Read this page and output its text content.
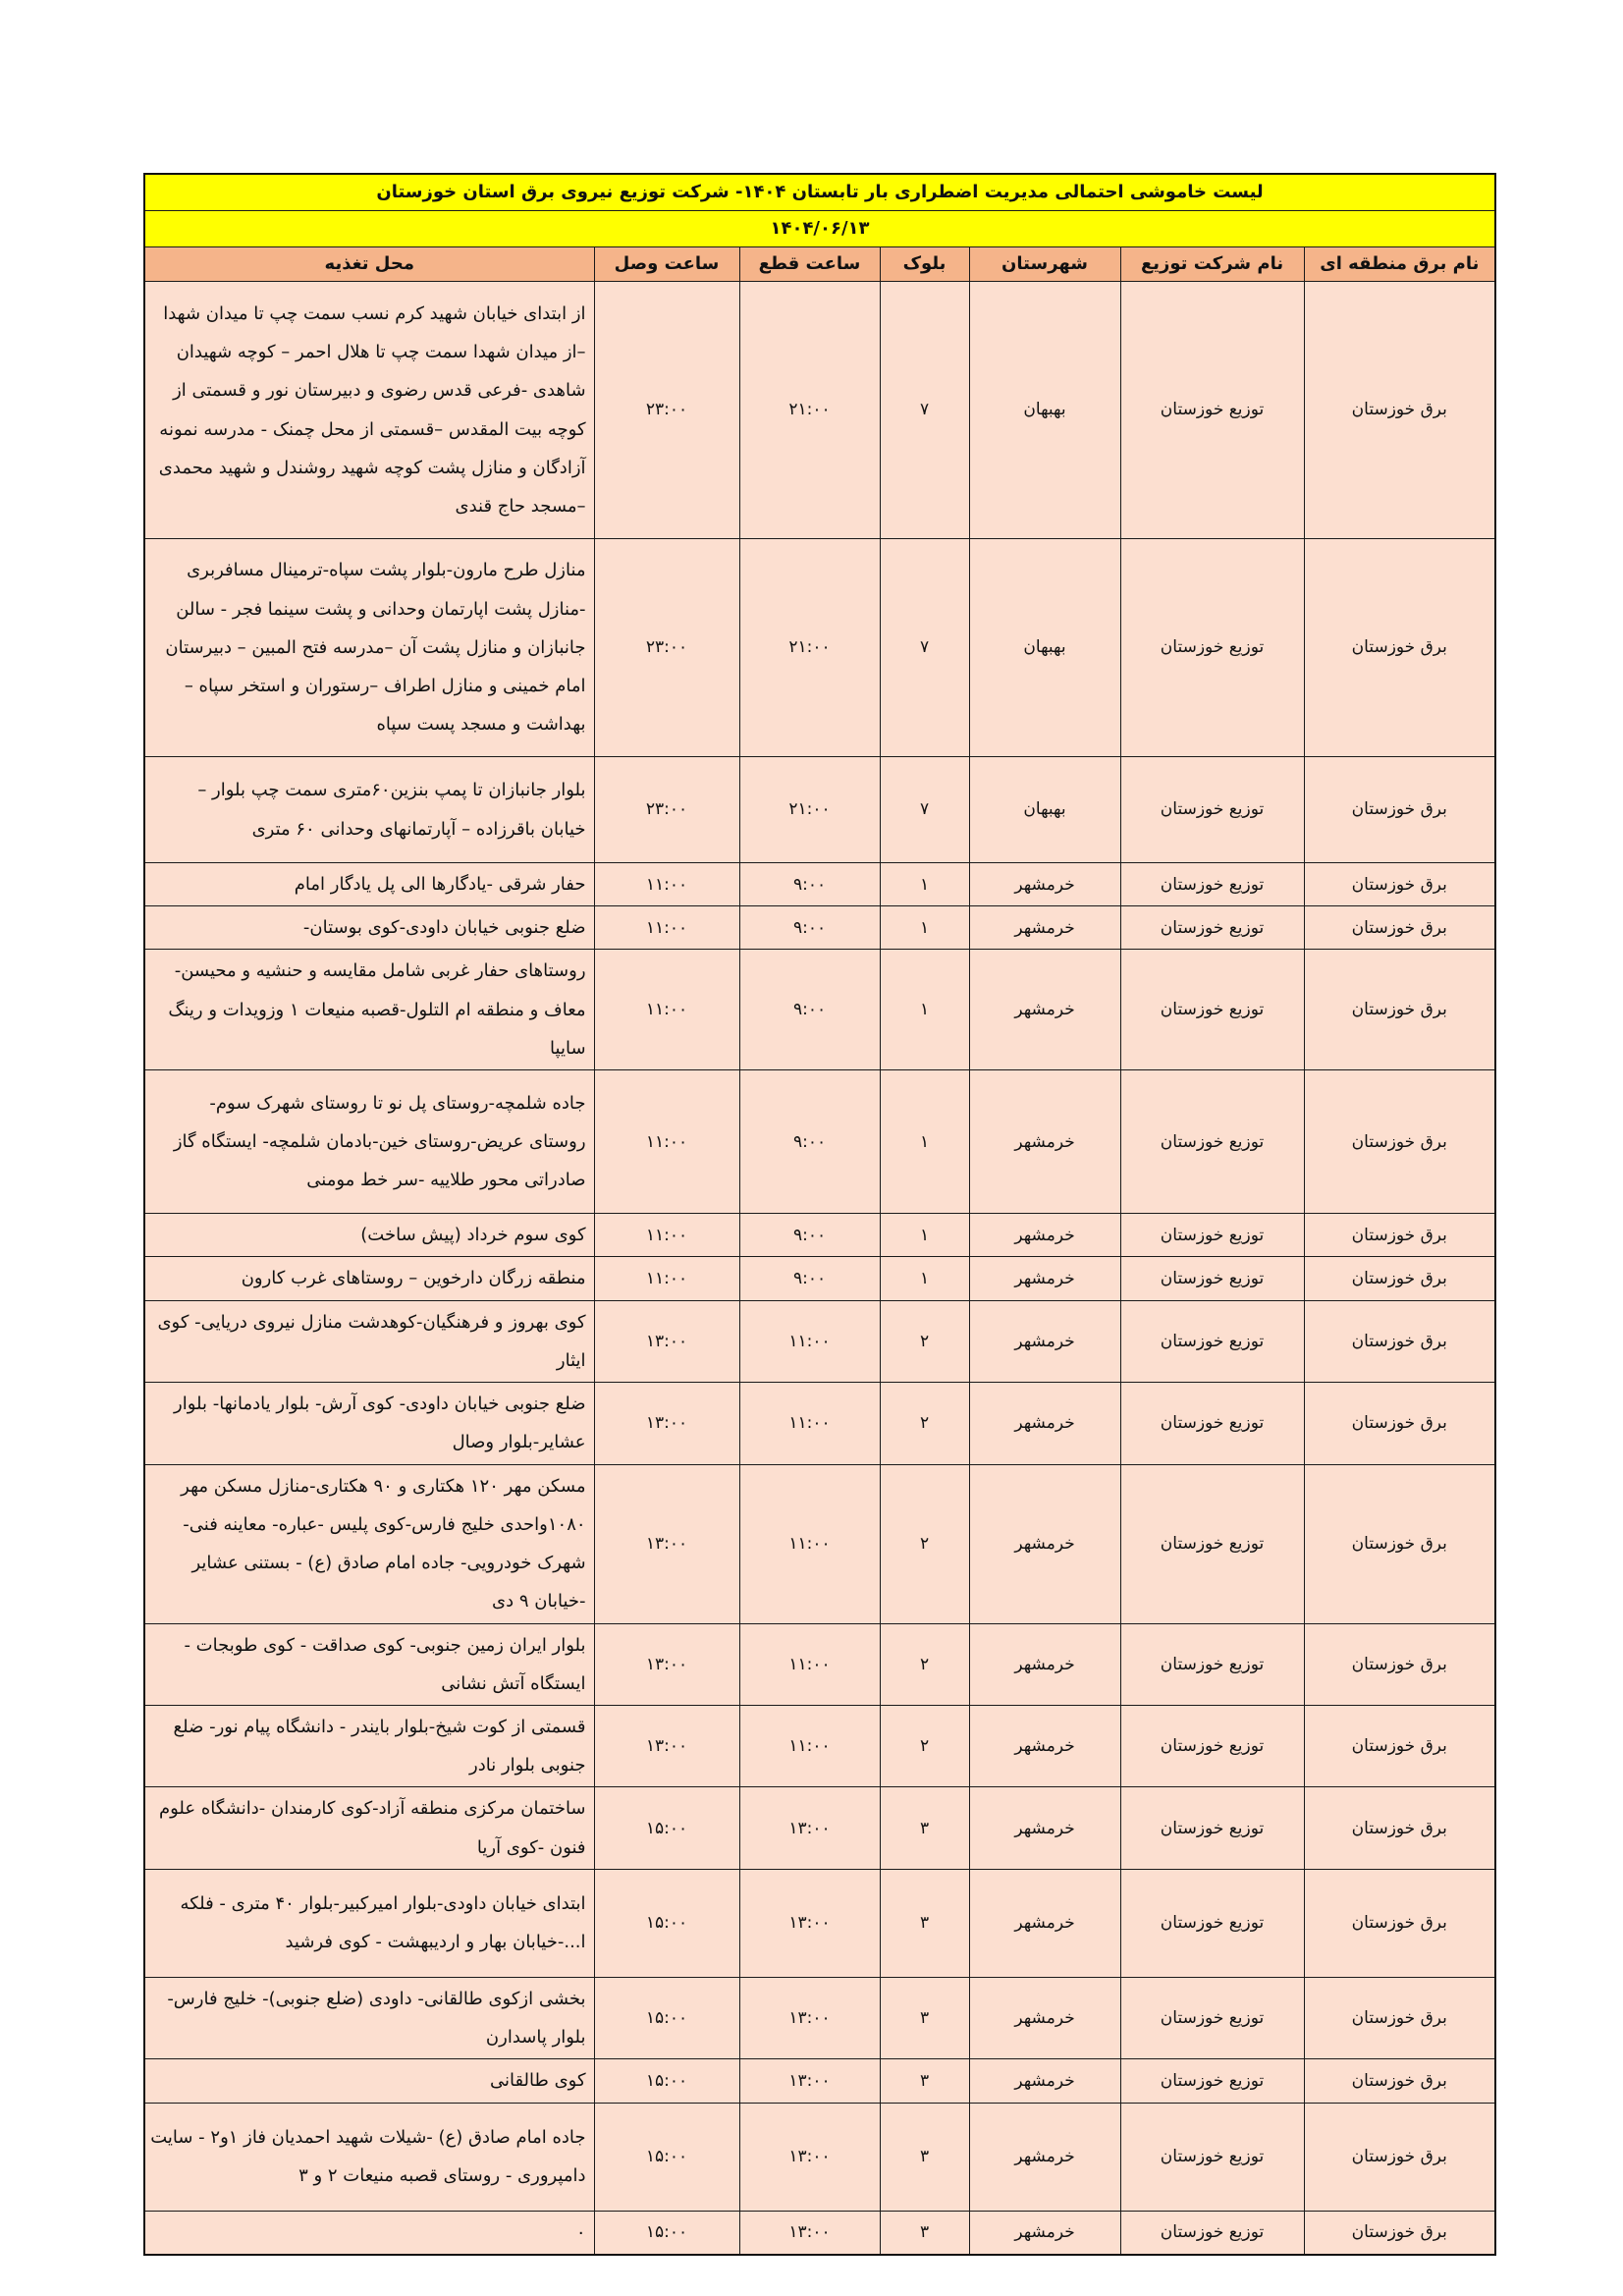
لیست خاموشی احتمالی مدیریت اضطراری بار تابستان ۱۴۰۴- شرکت توزیع نیروی برق استان خوزستان						
۱۴۰۴/۰۶/۱۳						
نام برق منطقه ای	نام شرکت توزیع	شهرستان	بلوک	ساعت قطع	ساعت وصل	محل تغذیه
برق خوزستان	توزیع خوزستان	بهبهان	۷	۲۱:۰۰	۲۳:۰۰	از ابتدای خیابان شهید کرم نسب سمت چپ تا میدان شهدا –از میدان شهدا سمت چپ تا هلال احمر – کوچه شهیدان شاهدی -فرعی قدس رضوی و دبیرستان نور و قسمتی از کوچه بیت المقدس –قسمتی از محل چمنک - مدرسه نمونه آزادگان و منازل پشت کوچه شهید روشندل و شهید محمدی –مسجد حاج قندی
برق خوزستان	توزیع خوزستان	بهبهان	۷	۲۱:۰۰	۲۳:۰۰	منازل طرح مارون-بلوار پشت سپاه-ترمینال مسافربری -منازل پشت اپارتمان وحدانی و پشت سینما فجر - سالن جانبازان و منازل پشت آن –مدرسه فتح المبین – دبیرستان امام خمینی و منازل اطراف –رستوران و استخر سپاه –بهداشت و مسجد پست سپاه
برق خوزستان	توزیع خوزستان	بهبهان	۷	۲۱:۰۰	۲۳:۰۰	بلوار جانبازان تا پمپ بنزین۶۰متری سمت چپ بلوار – خیابان باقرزاده – آپارتمانهای وحدانی ۶۰ متری
برق خوزستان	توزیع خوزستان	خرمشهر	۱	۹:۰۰	۱۱:۰۰	حفار شرقی -یادگارها الی پل یادگار امام
برق خوزستان	توزیع خوزستان	خرمشهر	۱	۹:۰۰	۱۱:۰۰	ضلع جنوبی خیابان داودی-کوی بوستان-
برق خوزستان	توزیع خوزستان	خرمشهر	۱	۹:۰۰	۱۱:۰۰	روستاهای حفار غربی شامل مقایسه و حنشیه و محیسن- معاف و منطقه ام التلول-قصبه منیعات ۱ وزویدات و رینگ سایپا
برق خوزستان	توزیع خوزستان	خرمشهر	۱	۹:۰۰	۱۱:۰۰	جاده شلمچه-روستای پل نو تا روستای شهرک سوم- روستای عریض-روستای خین-بادمان شلمچه- ایستگاه گاز صادراتی محور طلاییه -سر خط مومنی
برق خوزستان	توزیع خوزستان	خرمشهر	۱	۹:۰۰	۱۱:۰۰	کوی سوم خرداد (پیش ساخت)
برق خوزستان	توزیع خوزستان	خرمشهر	۱	۹:۰۰	۱۱:۰۰	منطقه زرگان دارخوین – روستاهای غرب کارون
برق خوزستان	توزیع خوزستان	خرمشهر	۲	۱۱:۰۰	۱۳:۰۰	کوی بهروز و فرهنگیان-کوهدشت منازل نیروی دریایی- کوی ایثار
برق خوزستان	توزیع خوزستان	خرمشهر	۲	۱۱:۰۰	۱۳:۰۰	ضلع جنوبی خیابان داودی- کوی آرش- بلوار یادمانها- بلوار عشایر-بلوار وصال
برق خوزستان	توزیع خوزستان	خرمشهر	۲	۱۱:۰۰	۱۳:۰۰	مسکن مهر ۱۲۰ هکتاری و ۹۰ هکتاری-منازل مسکن مهر ۱۰۸۰واحدی خلیج فارس-کوی پلیس -عباره- معاینه فنی-شهرک خودرویی- جاده امام صادق (ع) - بستنی عشایر -خیابان ۹ دی
برق خوزستان	توزیع خوزستان	خرمشهر	۲	۱۱:۰۰	۱۳:۰۰	بلوار ایران زمین جنوبی- کوی صداقت - کوی طوبجات - ایستگاه آتش نشانی
برق خوزستان	توزیع خوزستان	خرمشهر	۲	۱۱:۰۰	۱۳:۰۰	قسمتی از کوت شیخ-بلوار بایندر - دانشگاه پیام نور- ضلع جنوبی بلوار نادر
برق خوزستان	توزیع خوزستان	خرمشهر	۳	۱۳:۰۰	۱۵:۰۰	ساختمان مرکزی منطقه آزاد-کوی کارمندان -دانشگاه علوم فنون -کوی آریا
برق خوزستان	توزیع خوزستان	خرمشهر	۳	۱۳:۰۰	۱۵:۰۰	ابتدای خیابان داودی-بلوار امیرکبیر-بلوار ۴۰ متری - فلکه ا...-خیابان بهار و اردیبهشت - کوی فرشید
برق خوزستان	توزیع خوزستان	خرمشهر	۳	۱۳:۰۰	۱۵:۰۰	بخشی ازکوی طالقانی- داودی (ضلع جنوبی)- خلیج فارس- بلوار پاسدارن
برق خوزستان	توزیع خوزستان	خرمشهر	۳	۱۳:۰۰	۱۵:۰۰	کوی طالقانی
برق خوزستان	توزیع خوزستان	خرمشهر	۳	۱۳:۰۰	۱۵:۰۰	جاده امام صادق (ع) -شیلات شهید احمدیان فاز ۱و۲ - سایت دامپروری - روستای قصبه منیعات ۲ و ۳
برق خوزستان	توزیع خوزستان	خرمشهر	۳	۱۳:۰۰	۱۵:۰۰	۰
